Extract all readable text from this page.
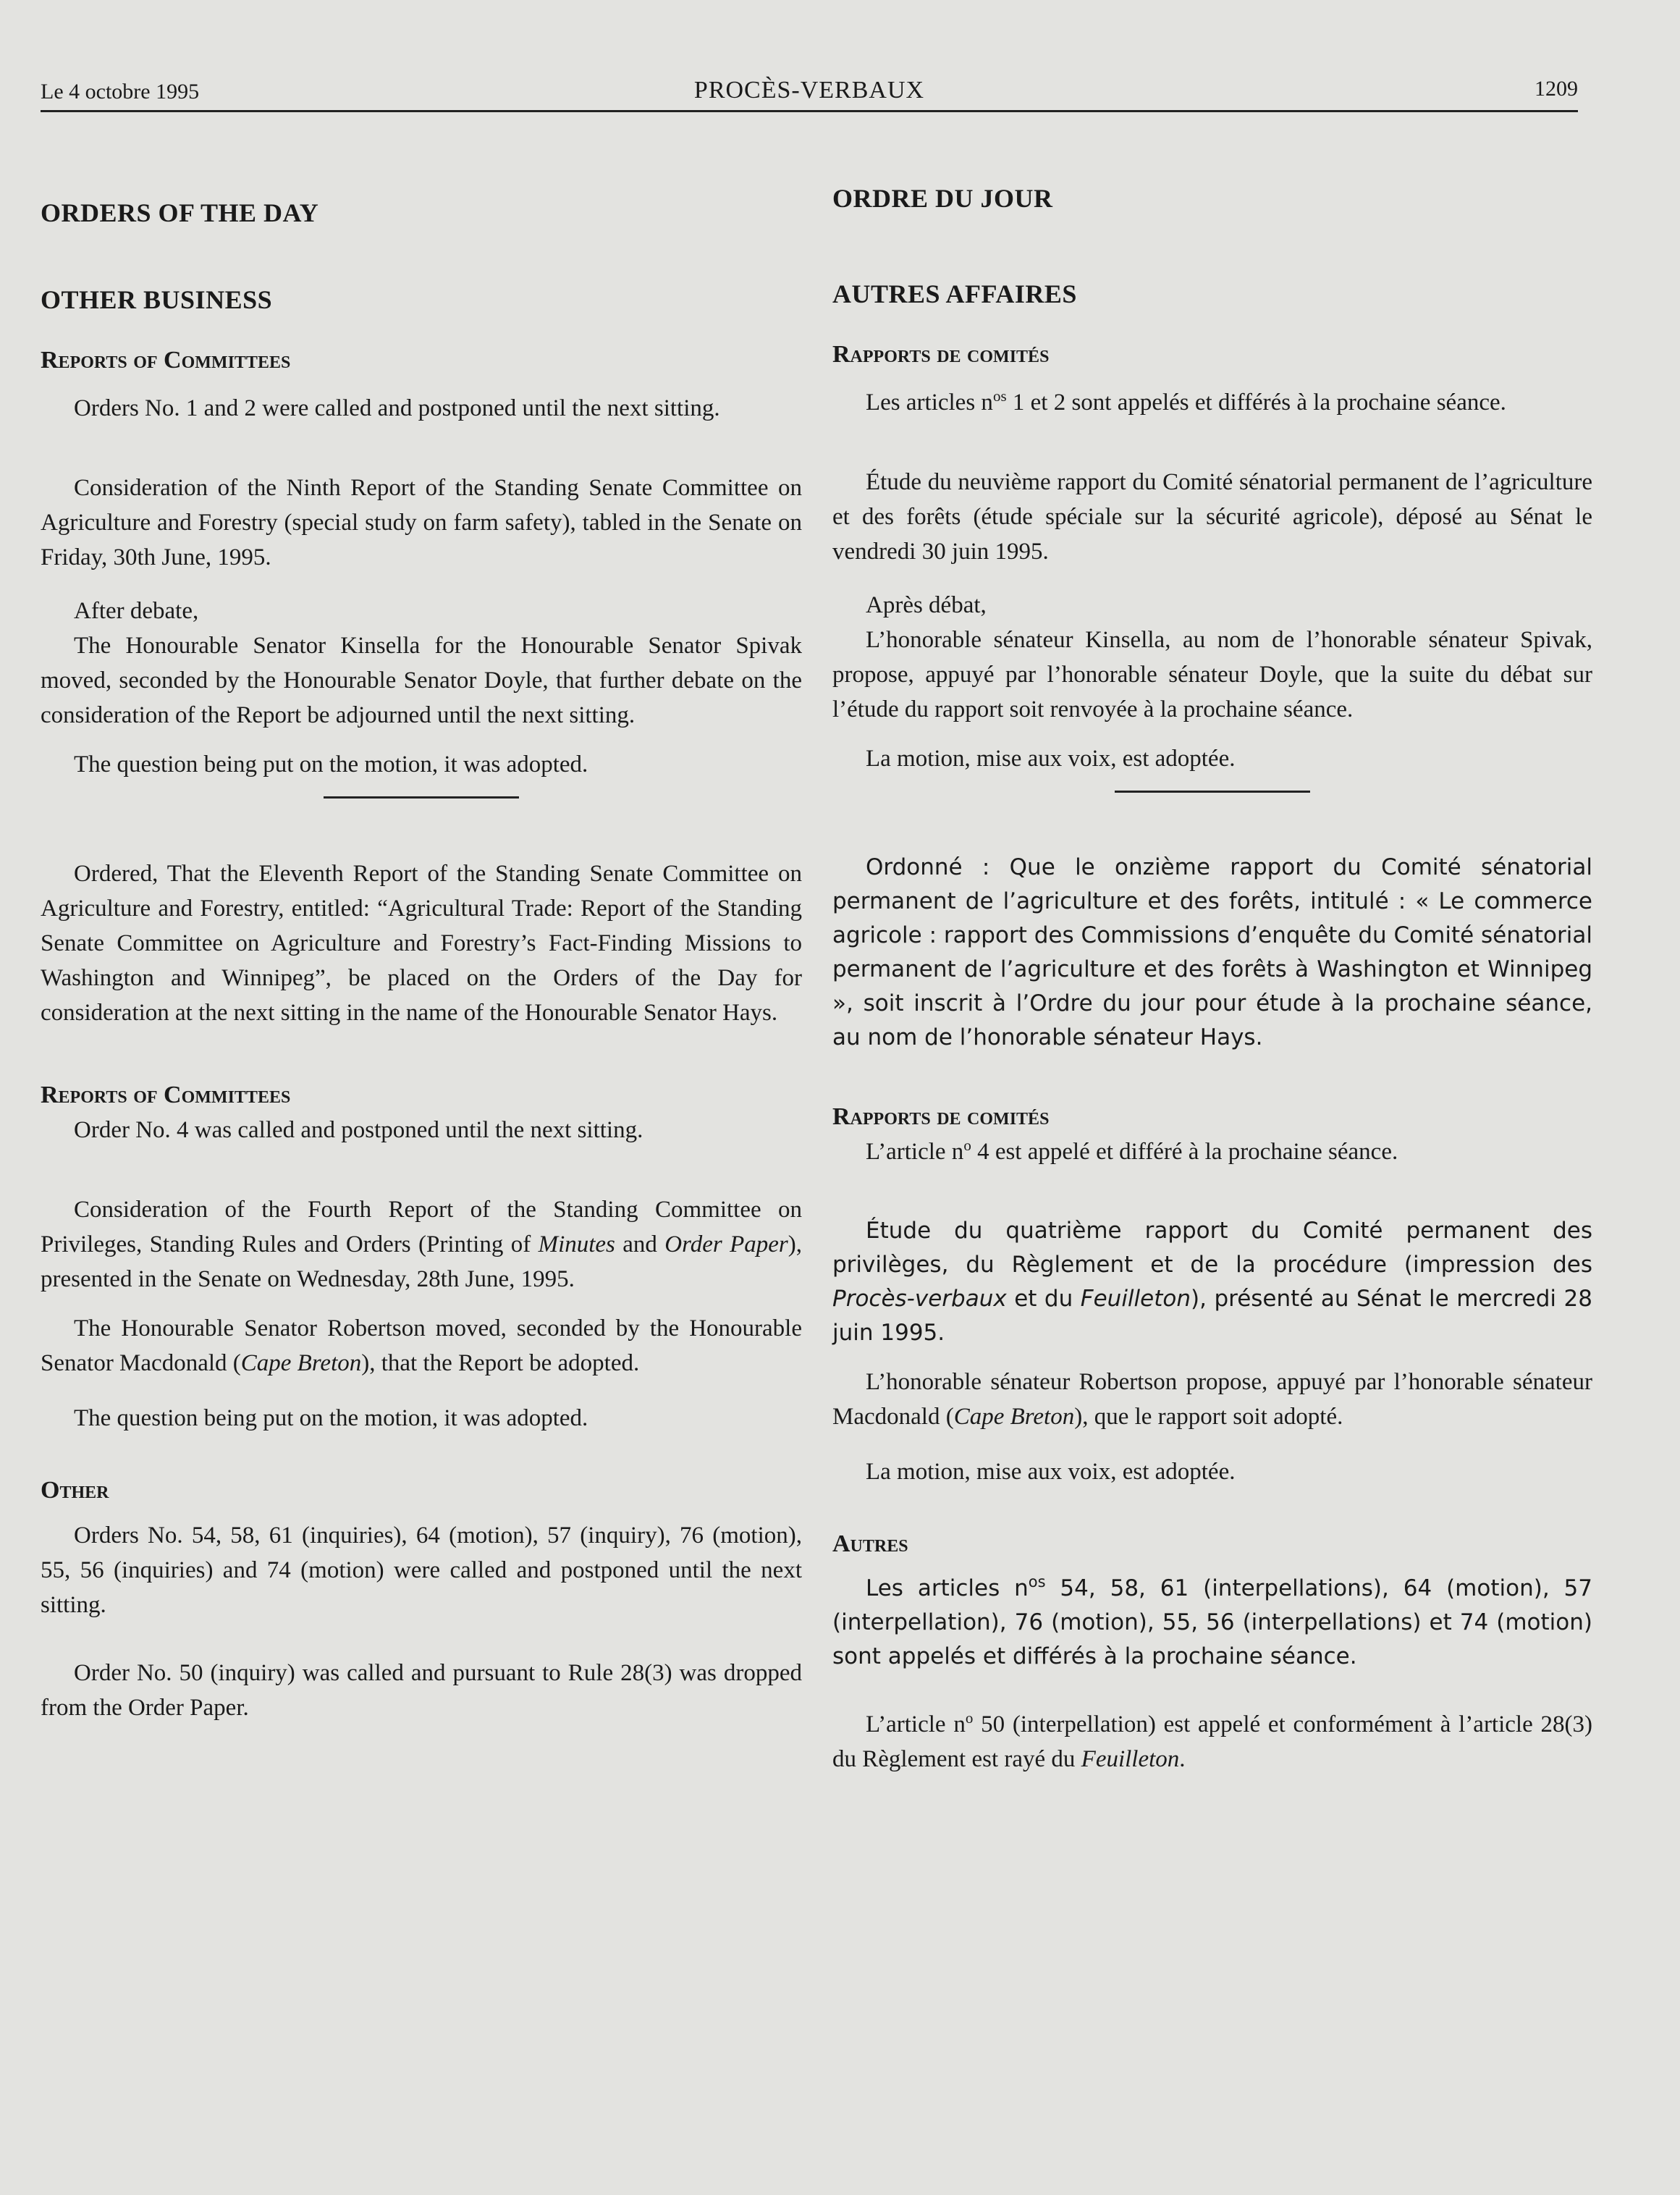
Le 4 octobre 1995	PROCÈS-VERBAUX	1209

ORDERS OF THE DAY

OTHER BUSINESS

Reports of Committees

Orders No. 1 and 2 were called and postponed until the next sitting.

Consideration of the Ninth Report of the Standing Senate Committee on Agriculture and Forestry (special study on farm safety), tabled in the Senate on Friday, 30th June, 1995.

After debate,

The Honourable Senator Kinsella for the Honourable Senator Spivak moved, seconded by the Honourable Senator Doyle, that further debate on the consideration of the Report be adjourned until the next sitting.

The question being put on the motion, it was adopted.

Ordered, That the Eleventh Report of the Standing Senate Committee on Agriculture and Forestry, entitled: “Agricultural Trade: Report of the Standing Senate Committee on Agriculture and Forestry’s Fact-Finding Missions to Washington and Winnipeg”, be placed on the Orders of the Day for consideration at the next sitting in the name of the Honourable Senator Hays.

Reports of Committees

Order No. 4 was called and postponed until the next sitting.

Consideration of the Fourth Report of the Standing Committee on Privileges, Standing Rules and Orders (Printing of Minutes and Order Paper), presented in the Senate on Wednesday, 28th June, 1995.

The Honourable Senator Robertson moved, seconded by the Honourable Senator Macdonald (Cape Breton), that the Report be adopted.

The question being put on the motion, it was adopted.

Other

Orders No. 54, 58, 61 (inquiries), 64 (motion), 57 (inquiry), 76 (motion), 55, 56 (inquiries) and 74 (motion) were called and postponed until the next sitting.

Order No. 50 (inquiry) was called and pursuant to Rule 28(3) was dropped from the Order Paper.

ORDRE DU JOUR

AUTRES AFFAIRES

Rapports de comités

Les articles $n^{os}$ 1 et 2 sont appelés et différés à la prochaine séance.

Étude du neuvième rapport du Comité sénatorial permanent de l’agriculture et des forêts (étude spéciale sur la sécurité agricole), déposé au Sénat le vendredi 30 juin 1995.

Après débat,

L’honorable sénateur Kinsella, au nom de l’honorable sénateur Spivak, propose, appuyé par l’honorable sénateur Doyle, que la suite du débat sur l’étude du rapport soit renvoyée à la prochaine séance.

La motion, mise aux voix, est adoptée.

Ordonné : Que le onzième rapport du Comité sénatorial permanent de l’agriculture et des forêts, intitulé : « Le commerce agricole : rapport des Commissions d’enquête du Comité sénatorial permanent de l’agriculture et des forêts à Washington et Winnipeg », soit inscrit à l’Ordre du jour pour étude à la prochaine séance, au nom de l’honorable sénateur Hays.

Rapports de comités

L’article $n^o$ 4 est appelé et différé à la prochaine séance.

Étude du quatrième rapport du Comité permanent des privilèges, du Règlement et de la procédure (impression des Procès-verbaux et du Feuilleton), présenté au Sénat le mercredi 28 juin 1995.

L’honorable sénateur Robertson propose, appuyé par l’honorable sénateur Macdonald (Cape Breton), que le rapport soit adopté.

La motion, mise aux voix, est adoptée.

Autres

Les articles $n^{os}$ 54, 58, 61 (interpellations), 64 (motion), 57 (interpellation), 76 (motion), 55, 56 (interpellations) et 74 (motion) sont appelés et différés à la prochaine séance.

L’article $n^o$ 50 (interpellation) est appelé et conformément à l’article 28(3) du Règlement est rayé du Feuilleton.
